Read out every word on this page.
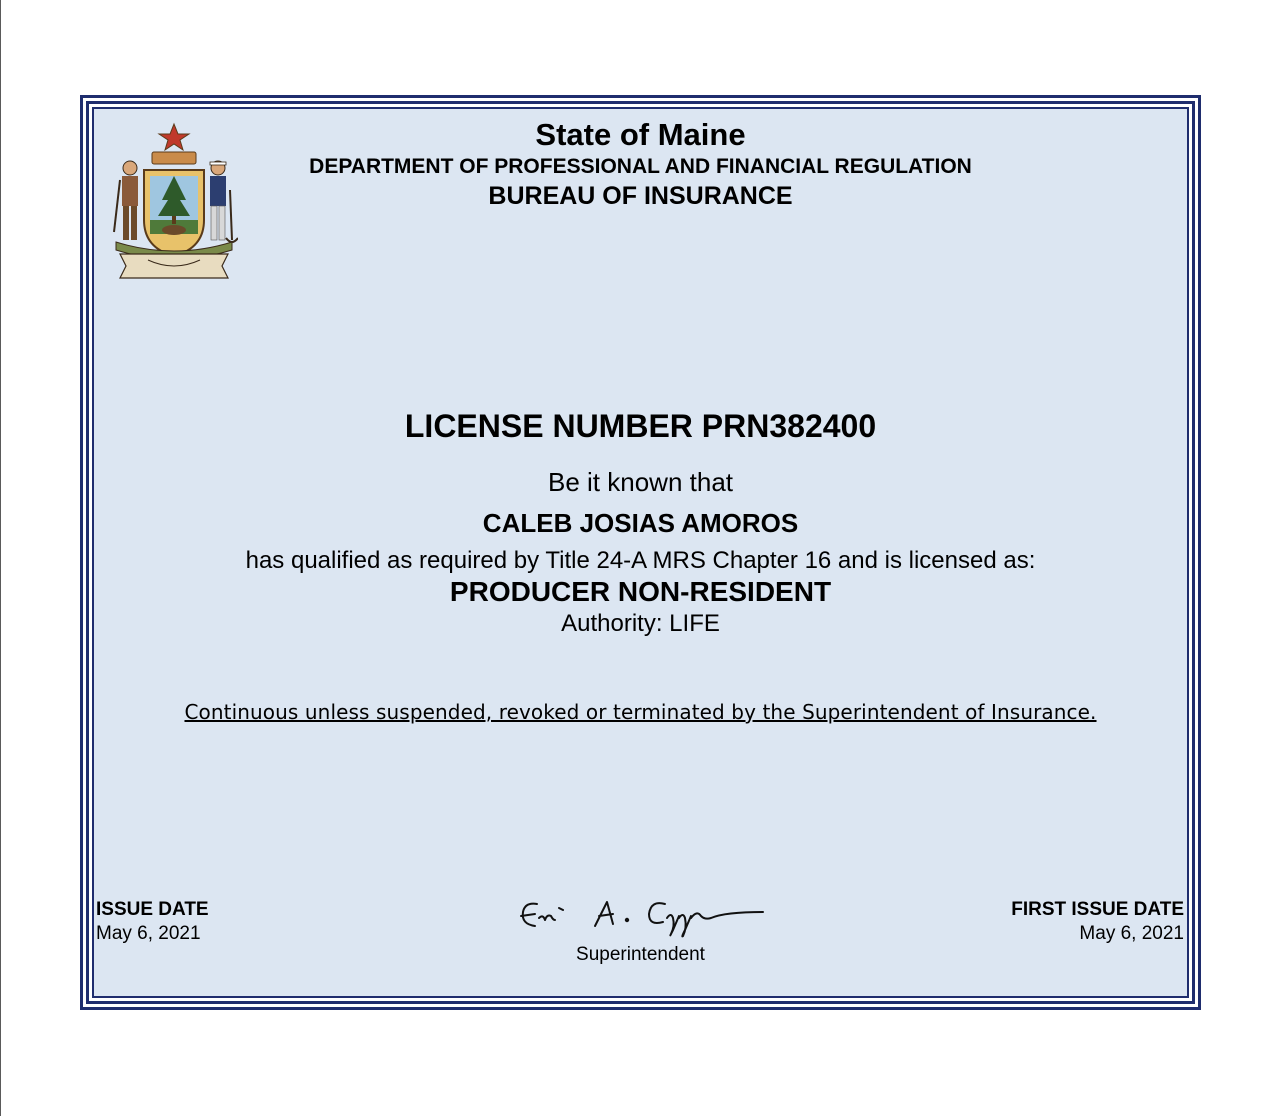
State of Maine
DEPARTMENT OF PROFESSIONAL AND FINANCIAL REGULATION
BUREAU OF INSURANCE
LICENSE NUMBER PRN382400
Be it known that
CALEB JOSIAS AMOROS
has qualified as required by Title 24-A MRS Chapter 16 and is licensed as:
PRODUCER NON-RESIDENT
Authority: LIFE
Continuous unless suspended, revoked or terminated by the Superintendent of Insurance.
ISSUE DATE
May 6, 2021
Superintendent
FIRST ISSUE DATE
May 6, 2021
